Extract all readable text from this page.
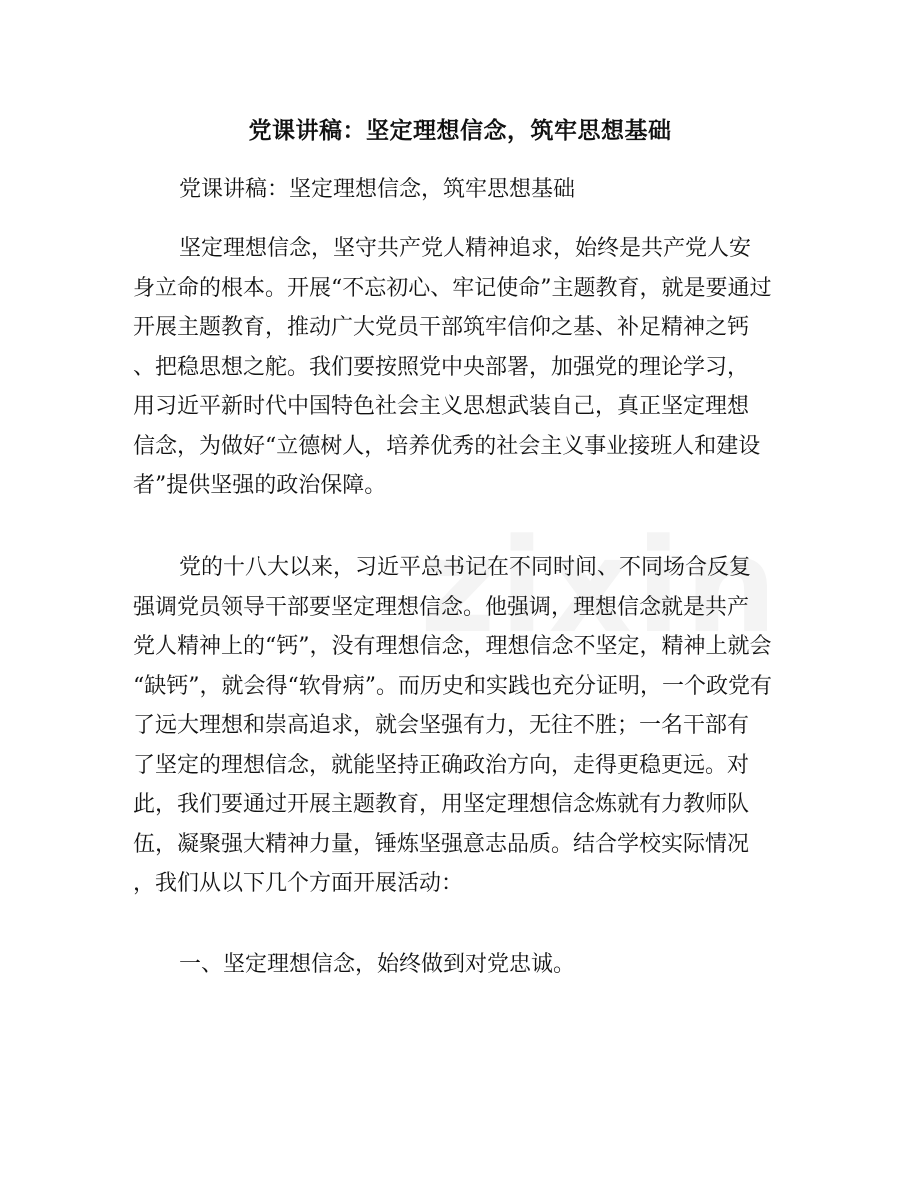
党课讲稿：坚定理想信念，筑牢思想基础
党课讲稿：坚定理想信念，筑牢思想基础
坚定理想信念，坚守共产党人精神追求，始终是共产党人安
身立命的根本。开展“不忘初心、牢记使命”主题教育，就是要通过
开展主题教育，推动广大党员干部筑牢信仰之基、补足精神之钙
、把稳思想之舵。我们要按照党中央部署，加强党的理论学习，
用习近平新时代中国特色社会主义思想武装自己，真正坚定理想
信念，为做好“立德树人，培养优秀的社会主义事业接班人和建设
者”提供坚强的政治保障。
党的十八大以来，习近平总书记在不同时间、不同场合反复
强调党员领导干部要坚定理想信念。他强调，理想信念就是共产
党人精神上的“钙”，没有理想信念，理想信念不坚定，精神上就会
“缺钙”，就会得“软骨病”。而历史和实践也充分证明，一个政党有
了远大理想和崇高追求，就会坚强有力，无往不胜；一名干部有
了坚定的理想信念，就能坚持正确政治方向，走得更稳更远。对
此，我们要通过开展主题教育，用坚定理想信念炼就有力教师队
伍，凝聚强大精神力量，锤炼坚强意志品质。结合学校实际情况
，我们从以下几个方面开展活动：
一、坚定理想信念，始终做到对党忠诚。
